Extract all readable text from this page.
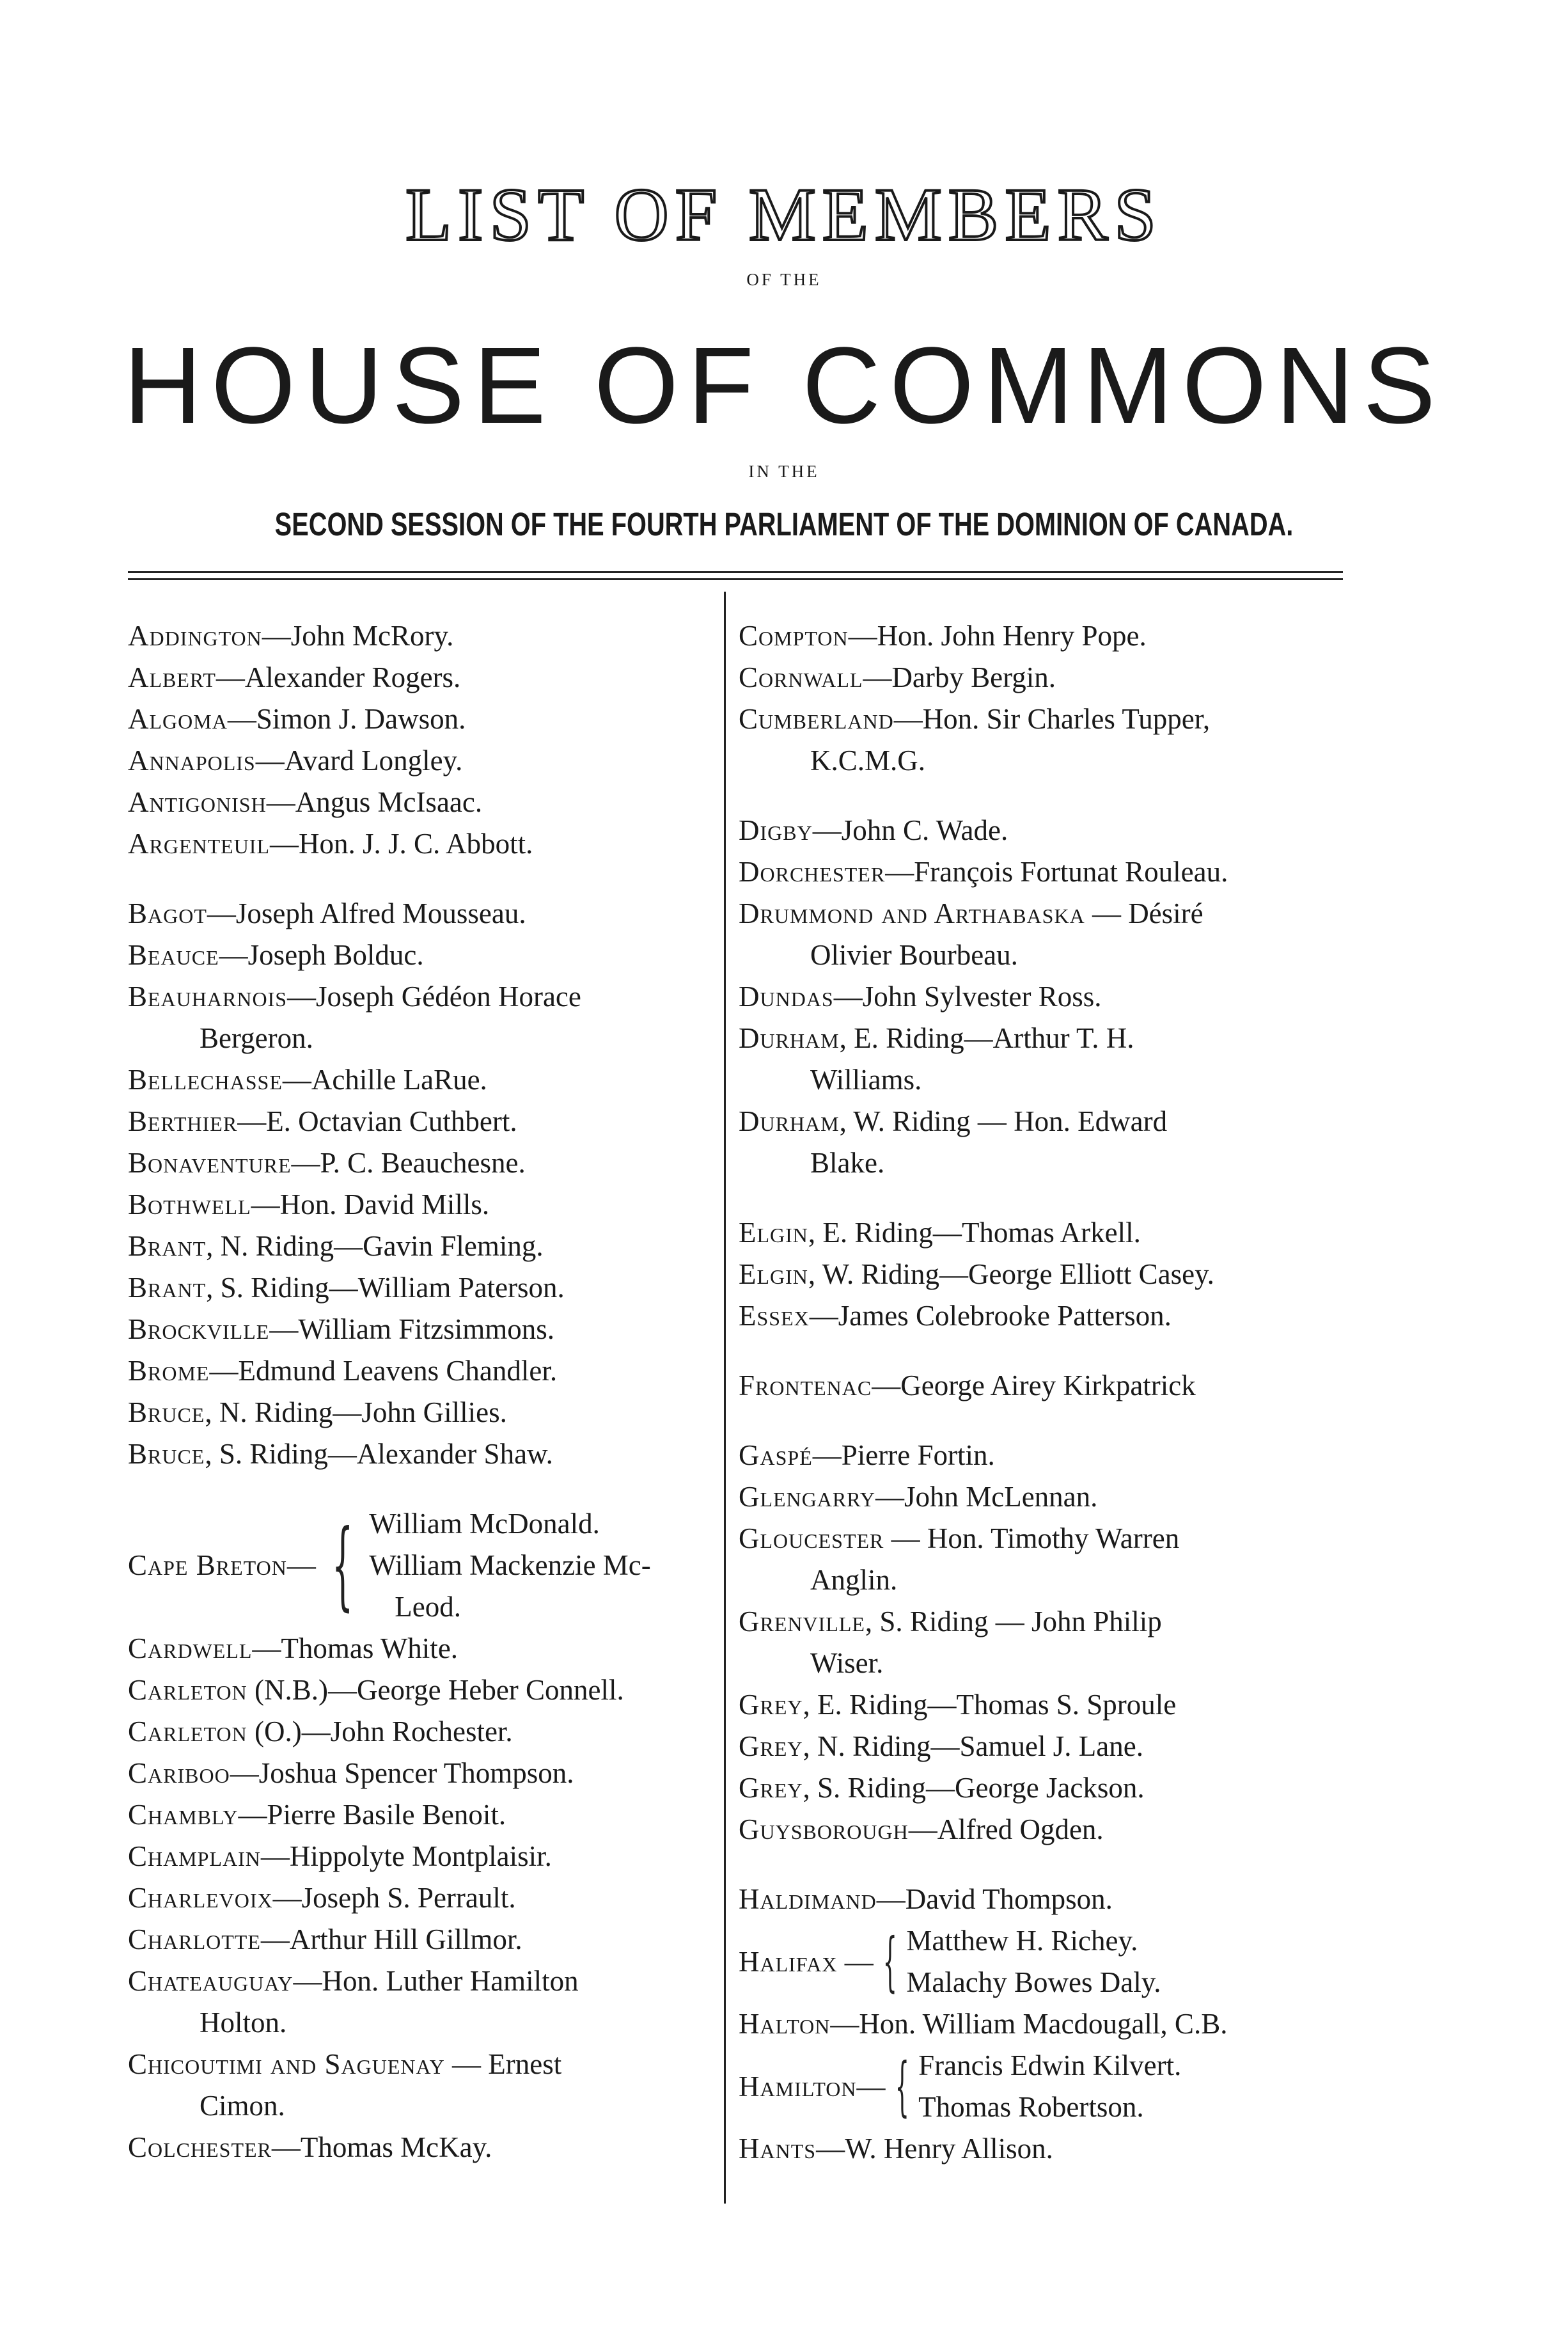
LIST OF MEMBERS
OF THE
HOUSE OF COMMONS
IN THE
SECOND SESSION OF THE FOURTH PARLIAMENT OF THE DOMINION OF CANADA.

Addington—John McRory.

Albert—Alexander Rogers.

Algoma—Simon J. Dawson.

Annapolis—Avard Longley.

Antigonish—Angus McIsaac.

Argenteuil—Hon. J. J. C. Abbott.

Bagot—Joseph Alfred Mousseau.

Beauce—Joseph Bolduc.

Beauharnois—Joseph Gédéon Horace
Bergeron.

Bellechasse—Achille LaRue.

Berthier—E. Octavian Cuthbert.

Bonaventure—P. C. Beauchesne.

Bothwell—Hon. David Mills.

Brant, N. Riding—Gavin Fleming.

Brant, S. Riding—William Paterson.

Brockville—William Fitzsimmons.

Brome—Edmund Leavens Chandler.

Bruce, N. Riding—John Gillies.

Bruce, S. Riding—Alexander Shaw.

Cape Breton— { William McDonald.
William Mackenzie Mc-
Leod.

Cardwell—Thomas White.

Carleton (N.B.)—George Heber Connell.

Carleton (O.)—John Rochester.

Cariboo—Joshua Spencer Thompson.

Chambly—Pierre Basile Benoit.

Champlain—Hippolyte Montplaisir.

Charlevoix—Joseph S. Perrault.

Charlotte—Arthur Hill Gillmor.

Chateauguay—Hon. Luther Hamilton
Holton.

Chicoutimi and Saguenay — Ernest
Cimon.

Colchester—Thomas McKay.

Compton—Hon. John Henry Pope.

Cornwall—Darby Bergin.

Cumberland—Hon. Sir Charles Tupper,
K.C.M.G.

Digby—John C. Wade.

Dorchester—François Fortunat Rouleau.

Drummond and Arthabaska — Désiré
Olivier Bourbeau.

Dundas—John Sylvester Ross.

Durham, E. Riding—Arthur T. H.
Williams.

Durham, W. Riding — Hon. Edward
Blake.

Elgin, E. Riding—Thomas Arkell.

Elgin, W. Riding—George Elliott Casey.

Essex—James Colebrooke Patterson.

Frontenac—George Airey Kirkpatrick

Gaspé—Pierre Fortin.

Glengarry—John McLennan.

Gloucester — Hon. Timothy Warren
Anglin.

Grenville, S. Riding — John Philip
Wiser.

Grey, E. Riding—Thomas S. Sproule

Grey, N. Riding—Samuel J. Lane.

Grey, S. Riding—George Jackson.

Guysborough—Alfred Ogden.

Haldimand—David Thompson.

Halifax — { Matthew H. Richey.
Malachy Bowes Daly.

Halton—Hon. William Macdougall, C.B.

Hamilton— { Francis Edwin Kilvert.
Thomas Robertson.

Hants—W. Henry Allison.
